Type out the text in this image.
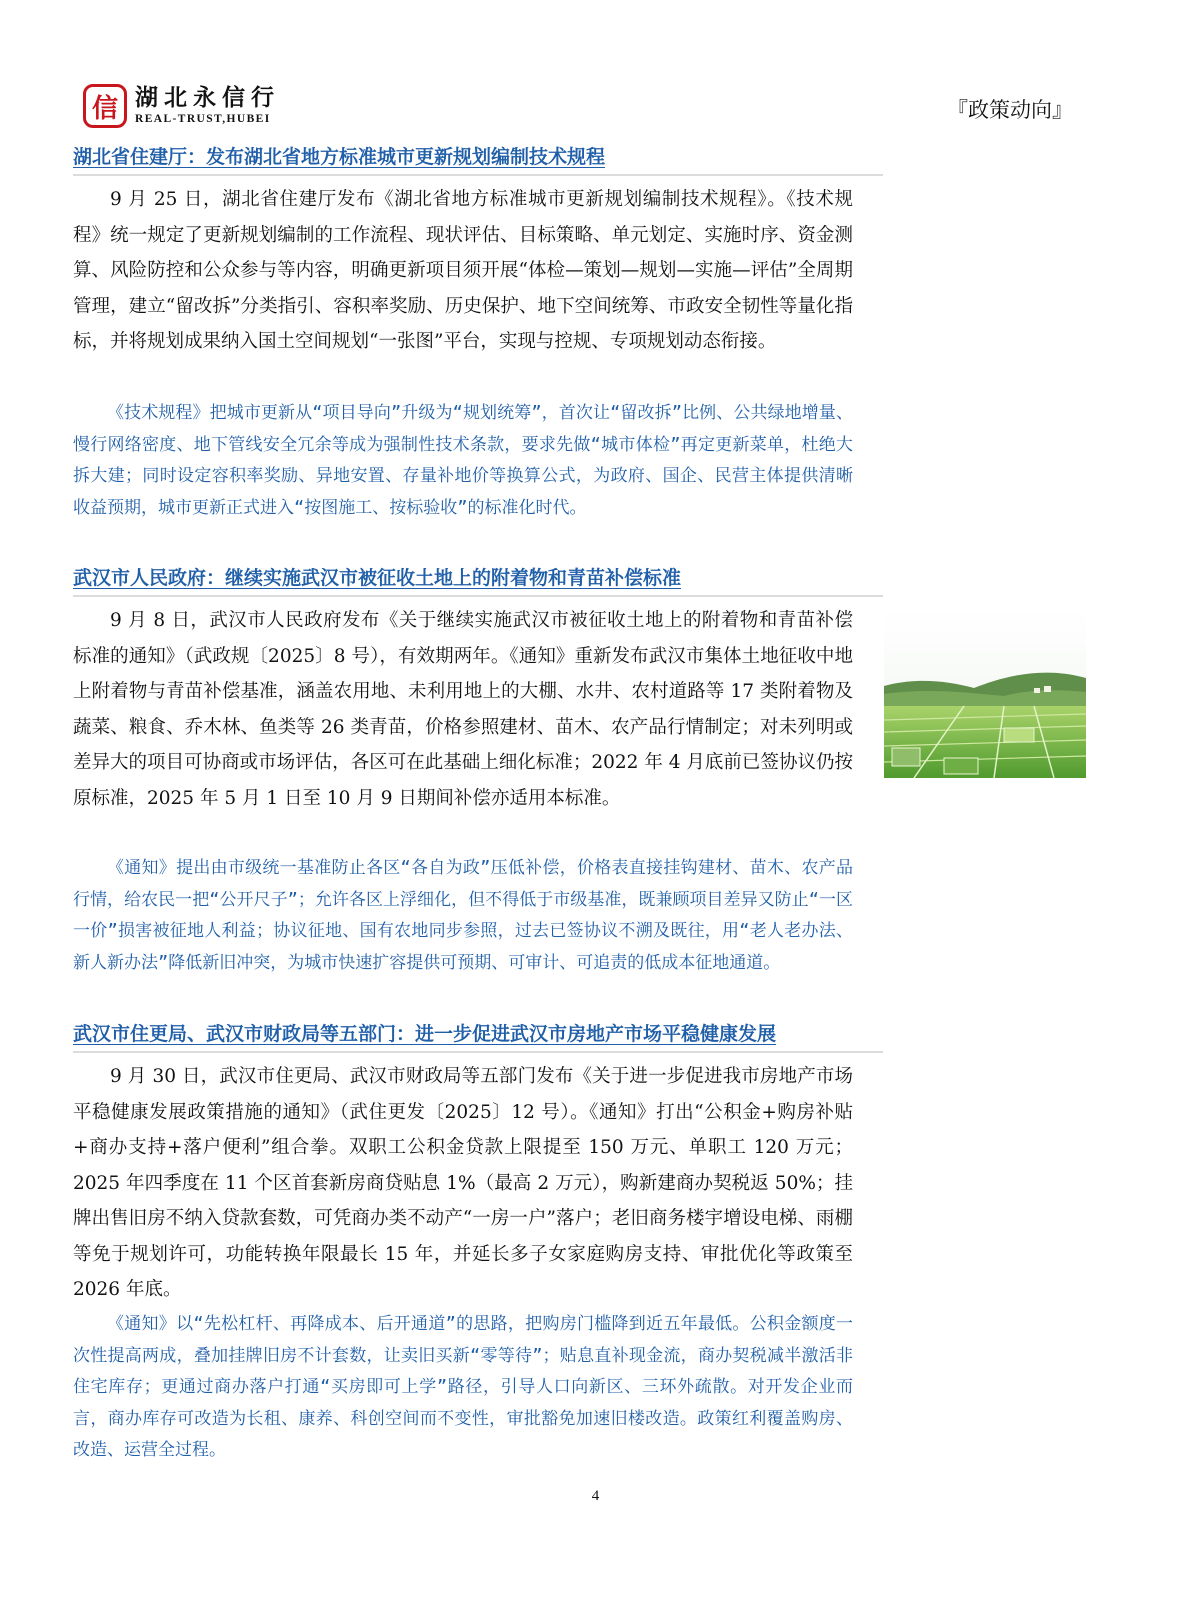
信 湖北永信行
REAL-TRUST,HUBEI	『政策动向』
湖北省住建厅：发布湖北省地方标准城市更新规划编制技术规程

9 月 25 日，湖北省住建厅发布《湖北省地方标准城市更新规划编制技术规程》。《技术规程》统一规定了更新规划编制的工作流程、现状评估、目标策略、单元划定、实施时序、资金测算、风险防控和公众参与等内容，明确更新项目须开展“体检—策划—规划—实施—评估”全周期管理，建立“留改拆”分类指引、容积率奖励、历史保护、地下空间统筹、市政安全韧性等量化指标，并将规划成果纳入国土空间规划“一张图”平台，实现与控规、专项规划动态衔接。

《技术规程》把城市更新从“项目导向”升级为“规划统筹”，首次让“留改拆”比例、公共绿地增量、慢行网络密度、地下管线安全冗余等成为强制性技术条款，要求先做“城市体检”再定更新菜单，杜绝大拆大建；同时设定容积率奖励、异地安置、存量补地价等换算公式，为政府、国企、民营主体提供清晰收益预期，城市更新正式进入“按图施工、按标验收”的标准化时代。

武汉市人民政府：继续实施武汉市被征收土地上的附着物和青苗补偿标准

9 月 8 日，武汉市人民政府发布《关于继续实施武汉市被征收土地上的附着物和青苗补偿标准的通知》（武政规〔2025〕8 号），有效期两年。《通知》重新发布武汉市集体土地征收中地上附着物与青苗补偿基准，涵盖农用地、未利用地上的大棚、水井、农村道路等 17 类附着物及蔬菜、粮食、乔木林、鱼类等 26 类青苗，价格参照建材、苗木、农产品行情制定；对未列明或差异大的项目可协商或市场评估，各区可在此基础上细化标准；2022 年 4 月底前已签协议仍按原标准，2025 年 5 月 1 日至 10 月 9 日期间补偿亦适用本标准。

《通知》提出由市级统一基准防止各区“各自为政”压低补偿，价格表直接挂钩建材、苗木、农产品行情，给农民一把“公开尺子”；允许各区上浮细化，但不得低于市级基准，既兼顾项目差异又防止“一区一价”损害被征地人利益；协议征地、国有农地同步参照，过去已签协议不溯及既往，用“老人老办法、新人新办法”降低新旧冲突，为城市快速扩容提供可预期、可审计、可追责的低成本征地通道。

武汉市住更局、武汉市财政局等五部门：进一步促进武汉市房地产市场平稳健康发展

9 月 30 日，武汉市住更局、武汉市财政局等五部门发布《关于进一步促进我市房地产市场平稳健康发展政策措施的通知》（武住更发〔2025〕12 号）。《通知》打出“公积金+购房补贴+商办支持+落户便利”组合拳。双职工公积金贷款上限提至 150 万元、单职工 120 万元；2025 年四季度在 11 个区首套新房商贷贴息 1%（最高 2 万元），购新建商办契税返 50%；挂牌出售旧房不纳入贷款套数，可凭商办类不动产“一房一户”落户；老旧商务楼宇增设电梯、雨棚等免于规划许可，功能转换年限最长 15 年，并延长多子女家庭购房支持、审批优化等政策至 2026 年底。

《通知》以“先松杠杆、再降成本、后开通道”的思路，把购房门槛降到近五年最低。公积金额度一次性提高两成，叠加挂牌旧房不计套数，让卖旧买新“零等待”；贴息直补现金流，商办契税减半激活非住宅库存；更通过商办落户打通“买房即可上学”路径，引导人口向新区、三环外疏散。对开发企业而言，商办库存可改造为长租、康养、科创空间而不变性，审批豁免加速旧楼改造。政策红利覆盖购房、改造、运营全过程。

4
